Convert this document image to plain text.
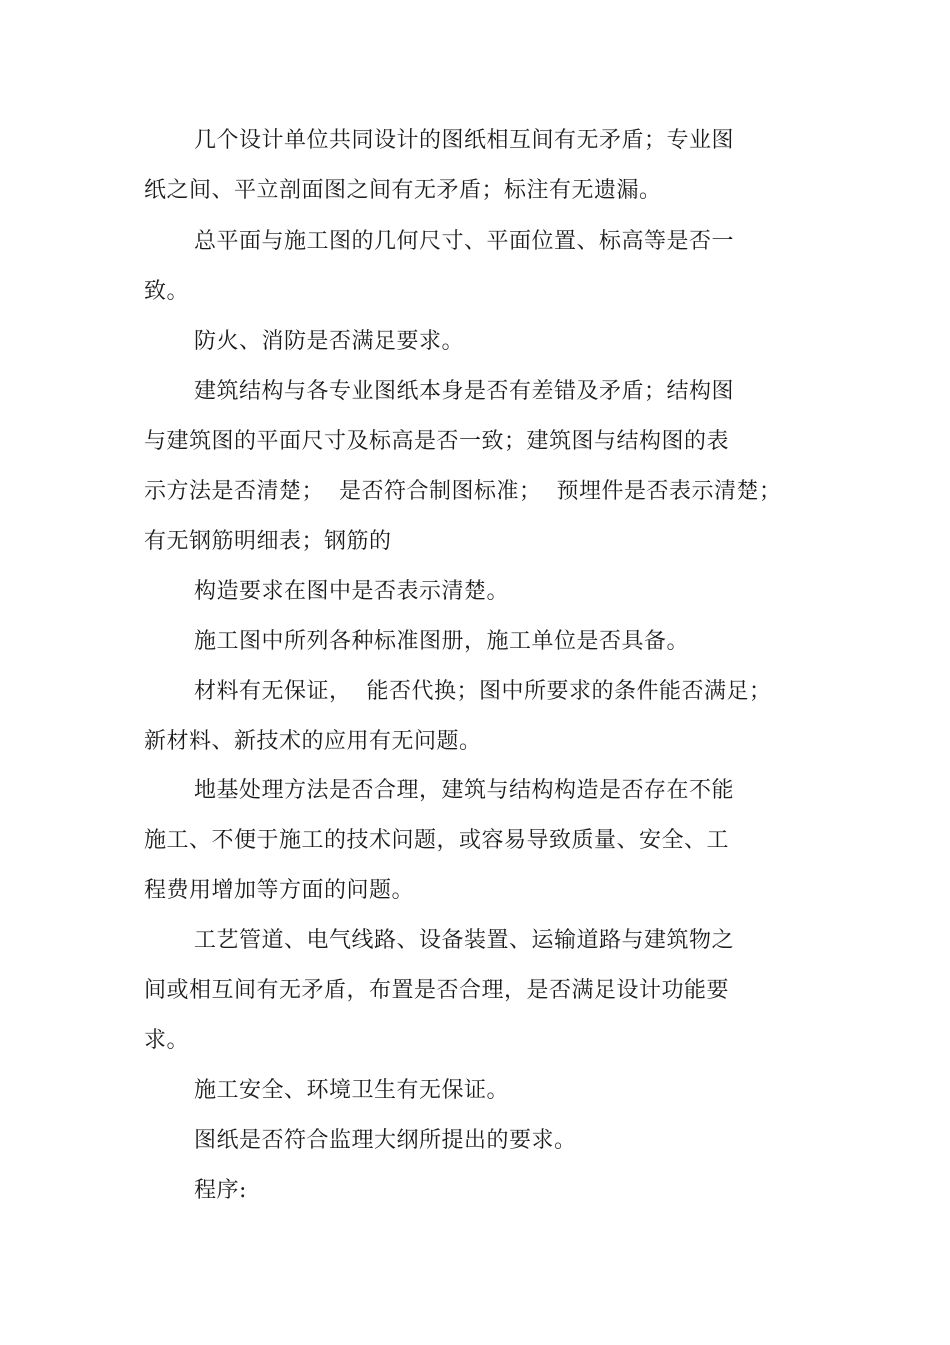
几个设计单位共同设计的图纸相互间有无矛盾；专业图
纸之间、平立剖面图之间有无矛盾；标注有无遗漏。
总平面与施工图的几何尺寸、平面位置、标高等是否一
致。
防火、消防是否满足要求。
建筑结构与各专业图纸本身是否有差错及矛盾；结构图
与建筑图的平面尺寸及标高是否一致；建筑图与结构图的表
示方法是否清楚；  是否符合制图标准；  预埋件是否表示清楚；
有无钢筋明细表；钢筋的
构造要求在图中是否表示清楚。
施工图中所列各种标准图册，施工单位是否具备。
材料有无保证，  能否代换；图中所要求的条件能否满足；
新材料、新技术的应用有无问题。
地基处理方法是否合理，建筑与结构构造是否存在不能
施工、不便于施工的技术问题，或容易导致质量、安全、工
程费用增加等方面的问题。
工艺管道、电气线路、设备装置、运输道路与建筑物之
间或相互间有无矛盾，布置是否合理，是否满足设计功能要
求。
施工安全、环境卫生有无保证。
图纸是否符合监理大纲所提出的要求。
程序:
